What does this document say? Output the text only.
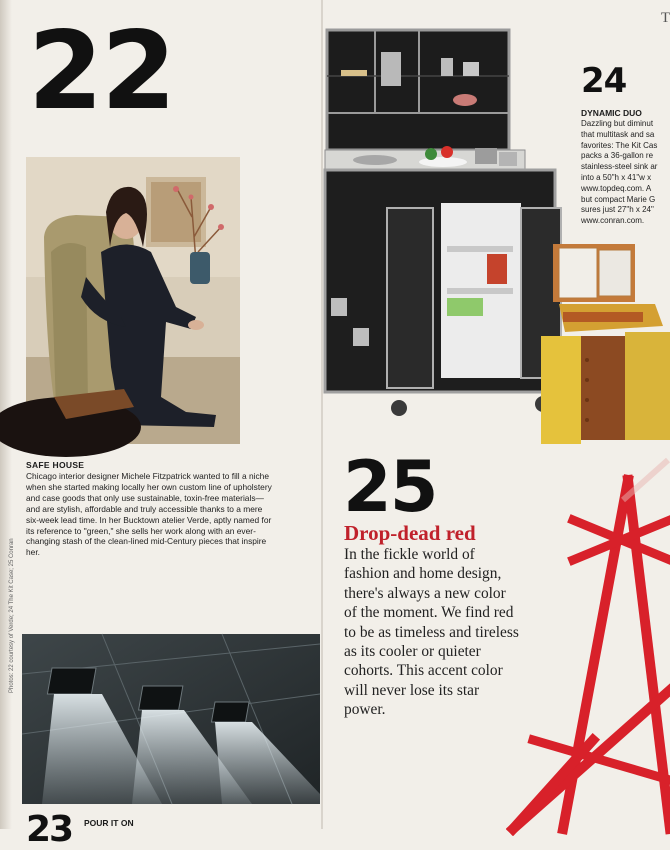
T
Photos: 22 courtesy of Verde; 24 The Kit Case; 25 Conran
22
SAFE HOUSE
Chicago interior designer Michele Fitzpatrick wanted to fill a niche when she started making locally her own custom line of upholstery and case goods that only use sustainable, toxin-free materials—and are stylish, affordable and truly accessible thanks to a mere six-week lead time. In her Bucktown atelier Verde, aptly named for its reference to "green," she sells her work along with an ever-changing stash of the clean-lined mid-Century pieces that inspire her.
23 POUR IT ON
24
DYNAMIC DUO
Dazzling but diminut
that multitask and sa
favorites: The Kit Cas
packs a 36-gallon re
stainless-steel sink ar
into a 50"h x 41"w x
www.topdeq.com. A
but compact Marie G
sures just 27"h x 24"
www.conran.com.
25
Drop-dead red
In the fickle world of fashion and home design, there's always a new color of the moment. We find red to be as timeless and tireless as its cooler or quieter cohorts. This accent color will never lose its star power.
